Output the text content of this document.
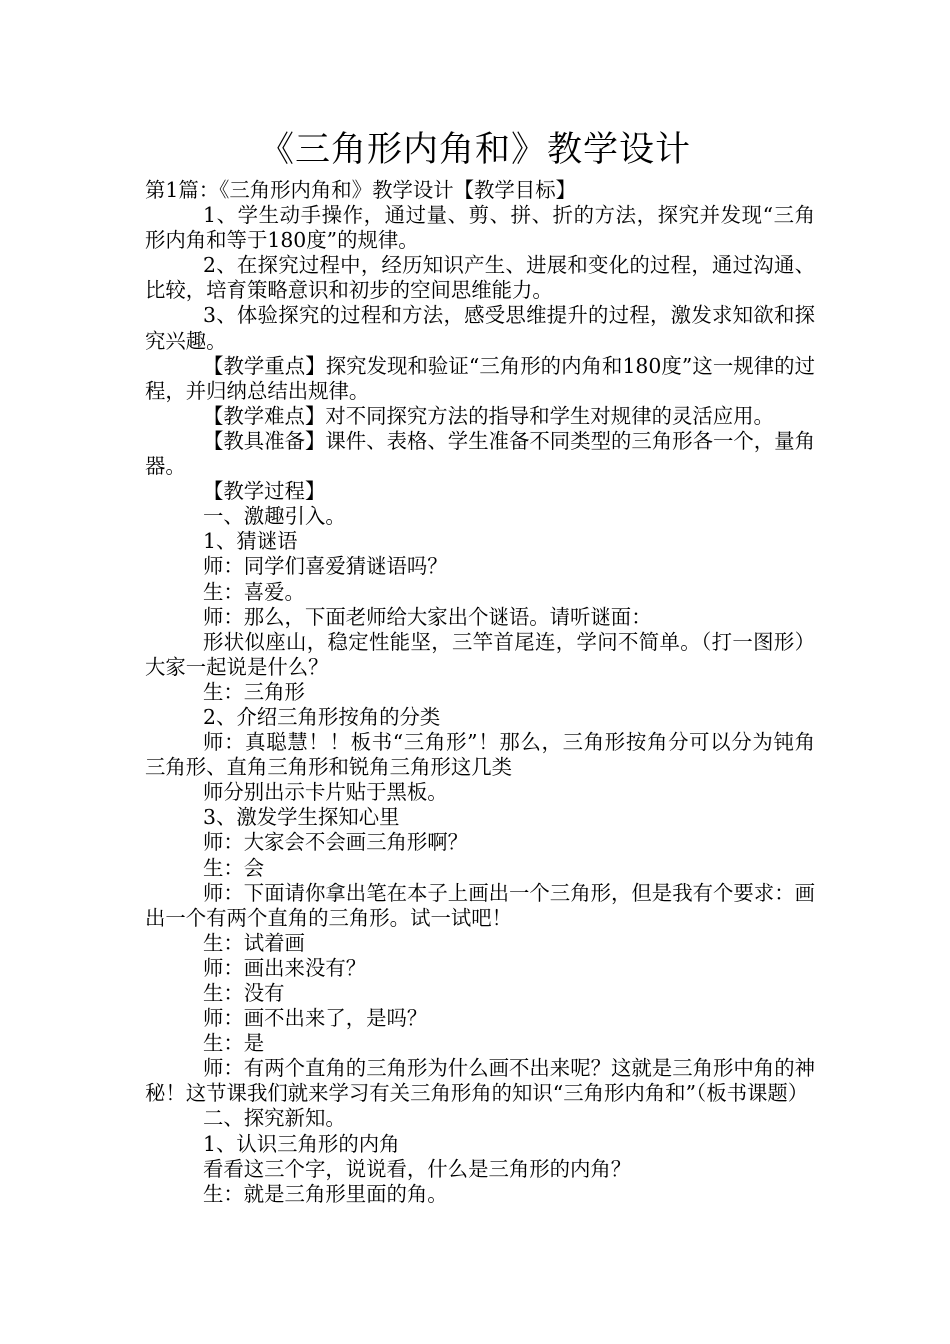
《三角形内角和》教学设计

第1篇：《三角形内角和》教学设计【教学目标】

1、学生动手操作，通过量、剪、拼、折的方法，探究并发现“三角形内角和等于180度”的规律。

2、在探究过程中，经历知识产生、进展和变化的过程，通过沟通、比较，培育策略意识和初步的空间思维能力。

3、体验探究的过程和方法，感受思维提升的过程，激发求知欲和探究兴趣。

【教学重点】探究发现和验证“三角形的内角和180度”这一规律的过程，并归纳总结出规律。

【教学难点】对不同探究方法的指导和学生对规律的灵活应用。

【教具准备】课件、表格、学生准备不同类型的三角形各一个，量角器。

【教学过程】

一、激趣引入。

1、猜谜语

师：同学们喜爱猜谜语吗？

生：喜爱。

师：那么，下面老师给大家出个谜语。请听谜面：

形状似座山，稳定性能坚，三竿首尾连，学问不简单。（打一图形）大家一起说是什么？

生：三角形

2、介绍三角形按角的分类

师：真聪慧！！板书“三角形”！那么，三角形按角分可以分为钝角三角形、直角三角形和锐角三角形这几类

师分别出示卡片贴于黑板。

3、激发学生探知心里

师：大家会不会画三角形啊？

生：会

师：下面请你拿出笔在本子上画出一个三角形，但是我有个要求：画出一个有两个直角的三角形。试一试吧！

生：试着画

师：画出来没有？

生：没有

师：画不出来了，是吗？

生：是

师：有两个直角的三角形为什么画不出来呢？这就是三角形中角的神秘！这节课我们就来学习有关三角形角的知识“三角形内角和”（板书课题）

二、探究新知。

1、认识三角形的内角

看看这三个字，说说看，什么是三角形的内角？

生：就是三角形里面的角。
